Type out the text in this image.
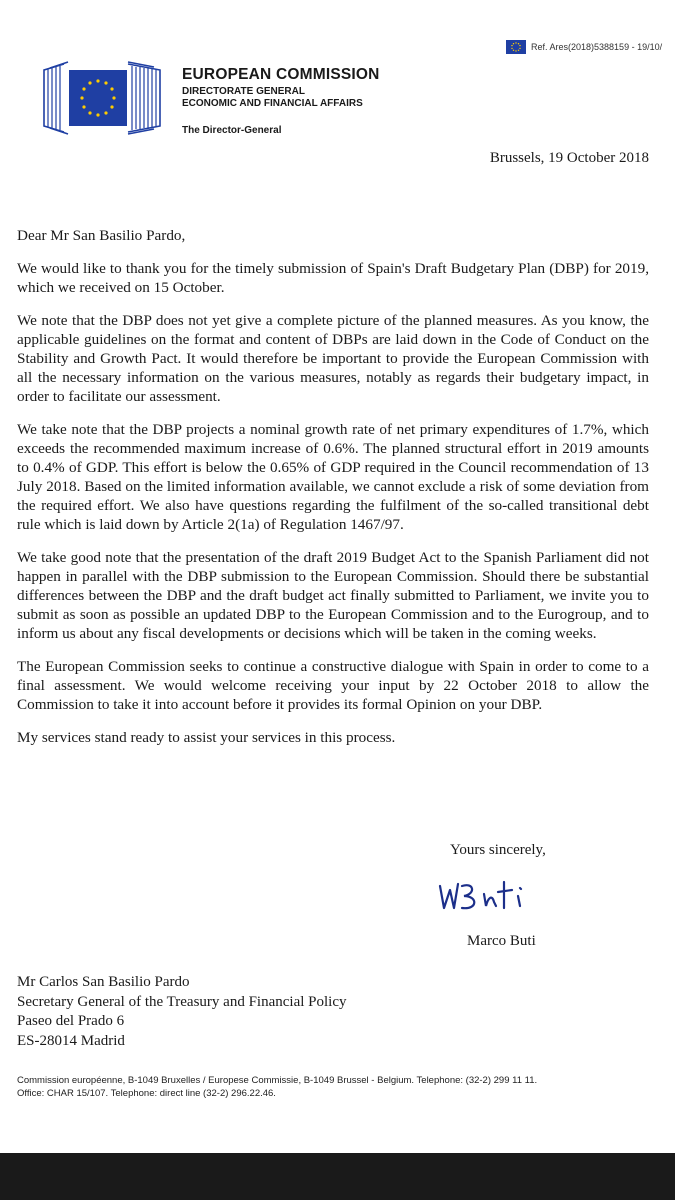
Ref. Ares(2018)5388159 - 19/10/

EUROPEAN COMMISSION

DIRECTORATE GENERAL

ECONOMIC AND FINANCIAL AFFAIRS

The Director-General

Brussels, 19 October 2018

Dear Mr San Basilio Pardo,

We would like to thank you for the timely submission of Spain's Draft Budgetary Plan (DBP) for 2019, which we received on 15 October.

We note that the DBP does not yet give a complete picture of the planned measures. As you know, the applicable guidelines on the format and content of DBPs are laid down in the Code of Conduct on the Stability and Growth Pact. It would therefore be important to provide the European Commission with all the necessary information on the various measures, notably as regards their budgetary impact, in order to facilitate our assessment.

We take note that the DBP projects a nominal growth rate of net primary expenditures of 1.7%, which exceeds the recommended maximum increase of 0.6%. The planned structural effort in 2019 amounts to 0.4% of GDP. This effort is below the 0.65% of GDP required in the Council recommendation of 13 July 2018. Based on the limited information available, we cannot exclude a risk of some deviation from the required effort. We also have questions regarding the fulfilment of the so-called transitional debt rule which is laid down by Article 2(1a) of Regulation 1467/97.

We take good note that the presentation of the draft 2019 Budget Act to the Spanish Parliament did not happen in parallel with the DBP submission to the European Commission. Should there be substantial differences between the DBP and the draft budget act finally submitted to Parliament, we invite you to submit as soon as possible an updated DBP to the European Commission and to the Eurogroup, and to inform us about any fiscal developments or decisions which will be taken in the coming weeks.

The European Commission seeks to continue a constructive dialogue with Spain in order to come to a final assessment. We would welcome receiving your input by 22 October 2018 to allow the Commission to take it into account before it provides its formal Opinion on your DBP.

My services stand ready to assist your services in this process.

Yours sincerely,
Marco Buti
Mr Carlos San Basilio Pardo
Secretary General of the Treasury and Financial Policy
Paseo del Prado 6
ES-28014 Madrid
Commission européenne, B-1049 Bruxelles / Europese Commissie, B-1049 Brussel - Belgium. Telephone: (32-2) 299 11 11.
Office: CHAR 15/107. Telephone: direct line (32-2) 296.22.46.
